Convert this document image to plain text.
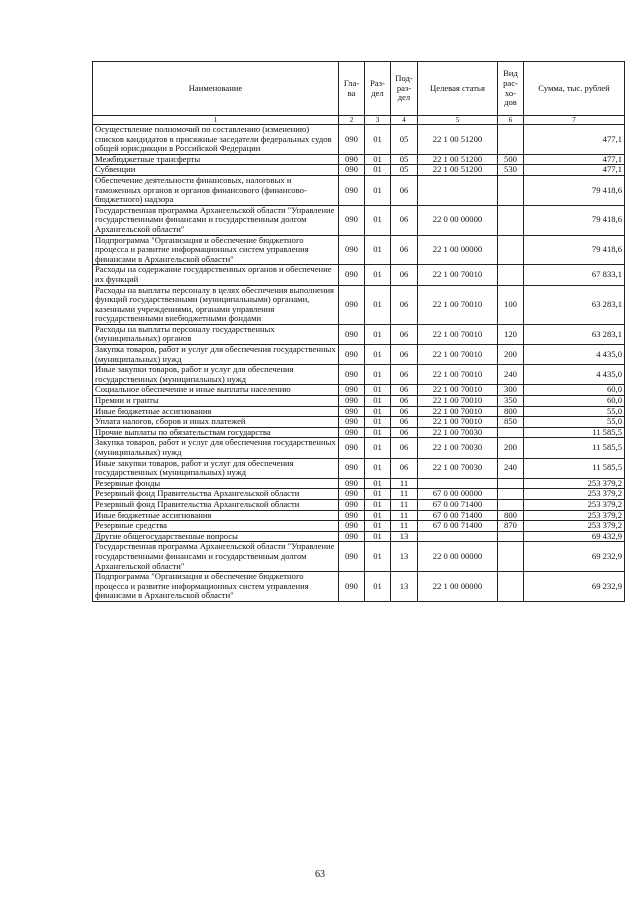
Наименование	Гла-ва	Раз-дел	Под-раз-дел	Целевая статья	Вид рас-хо-дов	Сумма, тыс. рублей
1	2	3	4	5	6	7
Осуществление полномочий по составлению (изменению) списков кандидатов в присяжные заседатели федеральных судов общей юрисдикции в Российской Федерации	090	01	05	22 1 00 51200		477,1
Межбюджетные трансферты	090	01	05	22 1 00 51200	500	477,1
Субвенции	090	01	05	22 1 00 51200	530	477,1
Обеспечение деятельности финансовых, налоговых и таможенных органов и органов финансового (финансово-бюджетного) надзора	090	01	06			79 418,6
Государственная программа Архангельской области "Управление государственными финансами и государственным долгом Архангельской области"	090	01	06	22 0 00 00000		79 418,6
Подпрограмма "Организация и обеспечение бюджетного процесса и развитие информационных систем управления финансами в Архангельской области"	090	01	06	22 1 00 00000		79 418,6
Расходы на содержание государственных органов и обеспечение их функций	090	01	06	22 1 00 70010		67 833,1
Расходы на выплаты персоналу в целях обеспечения выполнения функций государственными (муниципальными) органами, казенными учреждениями, органами управления государственными внебюджетными фондами	090	01	06	22 1 00 70010	100	63 283,1
Расходы на выплаты персоналу государственных (муниципальных) органов	090	01	06	22 1 00 70010	120	63 283,1
Закупка товаров, работ и услуг для обеспечения государственных (муниципальных) нужд	090	01	06	22 1 00 70010	200	4 435,0
Иные закупки товаров, работ и услуг для обеспечения государственных (муниципальных) нужд	090	01	06	22 1 00 70010	240	4 435,0
Социальное обеспечение и иные выплаты населению	090	01	06	22 1 00 70010	300	60,0
Премии и гранты	090	01	06	22 1 00 70010	350	60,0
Иные бюджетные ассигнования	090	01	06	22 1 00 70010	800	55,0
Уплата налогов, сборов и иных платежей	090	01	06	22 1 00 70010	850	55,0
Прочие выплаты по обязательствам государства	090	01	06	22 1 00 70030		11 585,5
Закупка товаров, работ и услуг для обеспечения государственных (муниципальных) нужд	090	01	06	22 1 00 70030	200	11 585,5
Иные закупки товаров, работ и услуг для обеспечения государственных (муниципальных) нужд	090	01	06	22 1 00 70030	240	11 585,5
Резервные фонды	090	01	11			253 379,2
Резервный фонд Правительства Архангельской области	090	01	11	67 0 00 00000		253 379,2
Резервный фонд Правительства Архангельской области	090	01	11	67 0 00 71400		253 379,2
Иные бюджетные ассигнования	090	01	11	67 0 00 71400	800	253 379,2
Резервные средства	090	01	11	67 0 00 71400	870	253 379,2
Другие общегосударственные вопросы	090	01	13			69 432,9
Государственная программа Архангельской области "Управление государственными финансами и государственным долгом Архангельской области"	090	01	13	22 0 00 00000		69 232,9
Подпрограмма "Организация и обеспечение бюджетного процесса и развитие информационных систем управления финансами в Архангельской области"	090	01	13	22 1 00 00000		69 232,9
63
